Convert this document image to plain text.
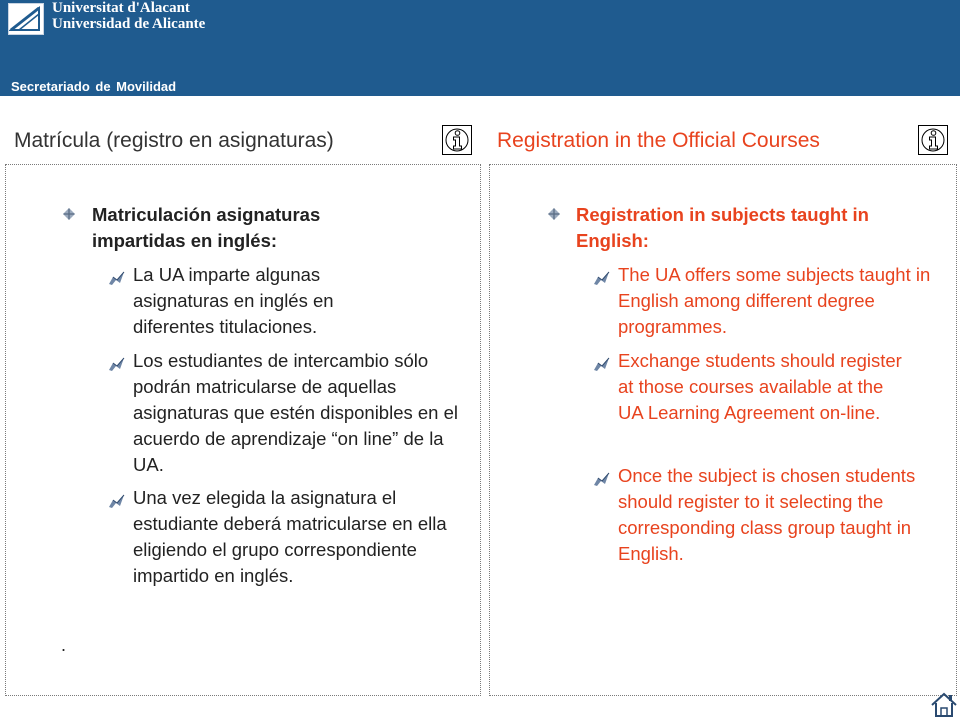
Universitat d'Alacant
Universidad de Alicante
Secretariado de Movilidad
Matrícula (registro en asignaturas)	Registration in the Official Courses
Matriculación asignaturas impartidas en inglés:
La UA imparte algunas asignaturas en inglés en diferentes titulaciones.
Los estudiantes de intercambio sólo podrán matricularse de aquellas asignaturas que estén disponibles en el acuerdo de aprendizaje “on line” de la UA.
Una vez elegida la asignatura el estudiante deberá matricularse en ella eligiendo el grupo correspondiente impartido en inglés.
.
Registration in subjects taught in English:
The UA offers some subjects taught in English among different degree programmes.
Exchange students should register at those courses available at the UA Learning Agreement on-line.
Once the subject is chosen students should register to it selecting the corresponding class group taught in English.
